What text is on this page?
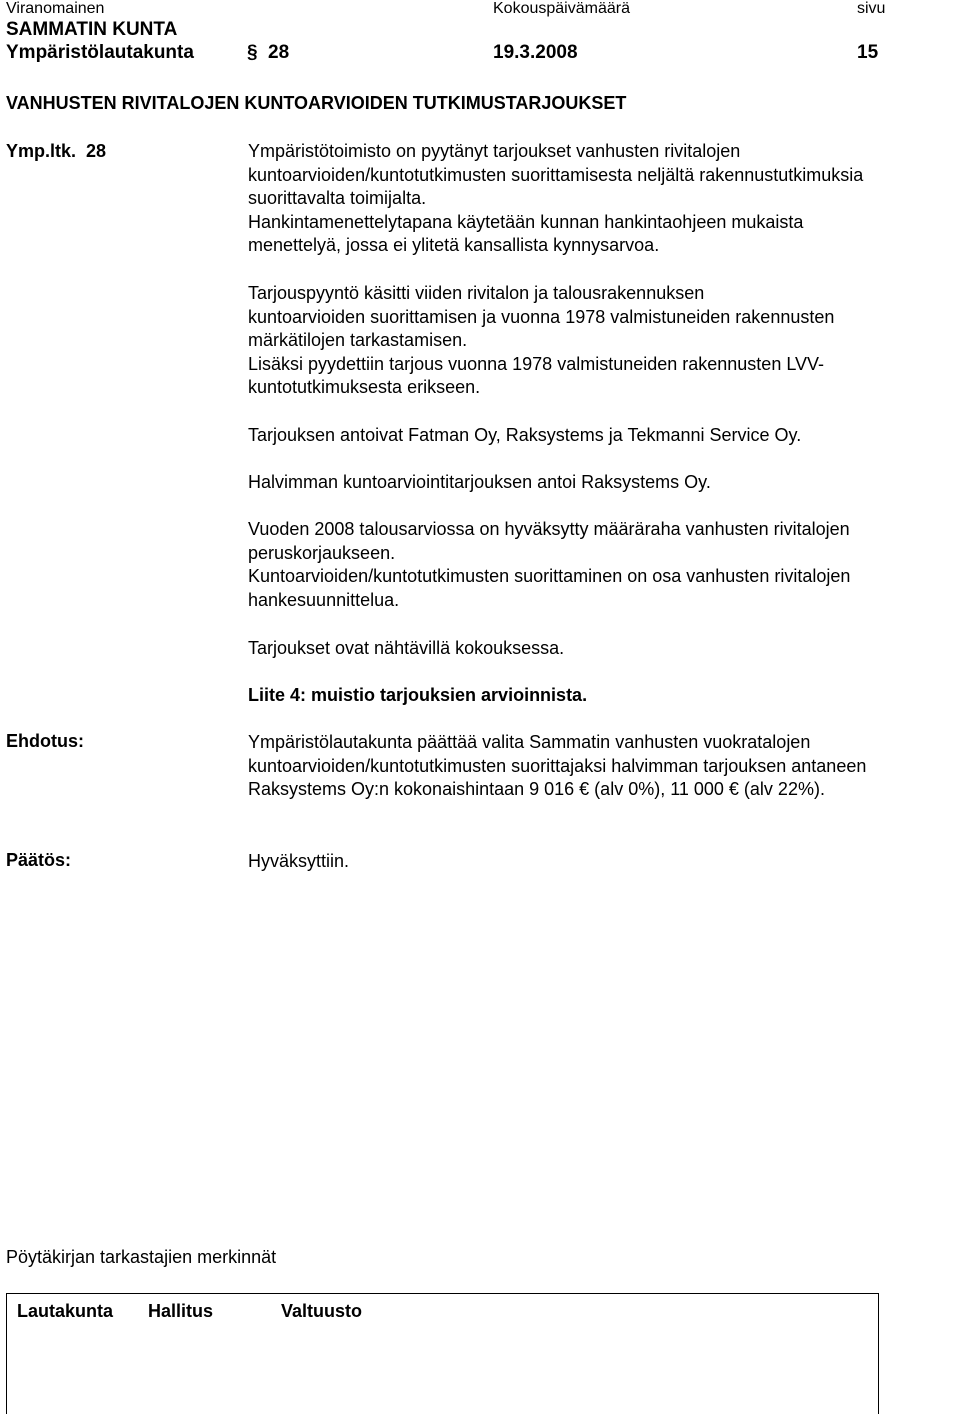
Viranomainen	Kokouspäivämäärä	sivu
SAMMATIN KUNTA
Ympäristölautakunta	§ 28	19.3.2008	15
VANHUSTEN RIVITALOJEN KUNTOARVIOIDEN TUTKIMUSTARJOUKSET
Ymp.ltk.  28	Ympäristötoimisto on pyytänyt tarjoukset vanhusten rivitalojen

kuntoarvioiden/kuntotutkimusten suorittamisesta neljältä rakennustutkimuksia

suorittavalta toimijalta.

Hankintamenettelytapana käytetään kunnan hankintaohjeen mukaista

menettelyä, jossa ei ylitetä kansallista kynnysarvoa.

Tarjouspyyntö käsitti viiden rivitalon ja talousrakennuksen

kuntoarvioiden suorittamisen ja vuonna 1978 valmistuneiden rakennusten

märkätilojen tarkastamisen.

Lisäksi pyydettiin tarjous vuonna 1978 valmistuneiden rakennusten LVV-

kuntotutkimuksesta erikseen.

Tarjouksen antoivat Fatman Oy, Raksystems ja Tekmanni Service Oy.

Halvimman kuntoarviointitarjouksen antoi Raksystems Oy.

Vuoden 2008 talousarviossa on hyväksytty määräraha vanhusten rivitalojen

peruskorjaukseen.

Kuntoarvioiden/kuntotutkimusten suorittaminen on osa vanhusten rivitalojen

hankesuunnittelua.

Tarjoukset ovat nähtävillä kokouksessa.

Liite 4: muistio tarjouksien arvioinnista.

Ehdotus:	Ympäristölautakunta päättää valita Sammatin vanhusten vuokratalojen

kuntoarvioiden/kuntotutkimusten suorittajaksi halvimman tarjouksen antaneen

Raksystems Oy:n kokonaishintaan 9 016 € (alv 0%), 11 000 € (alv 22%).

Päätös:	Hyväksyttiin.

Pöytäkirjan tarkastajien merkinnät
Lautakunta Hallitus	Valtuusto
